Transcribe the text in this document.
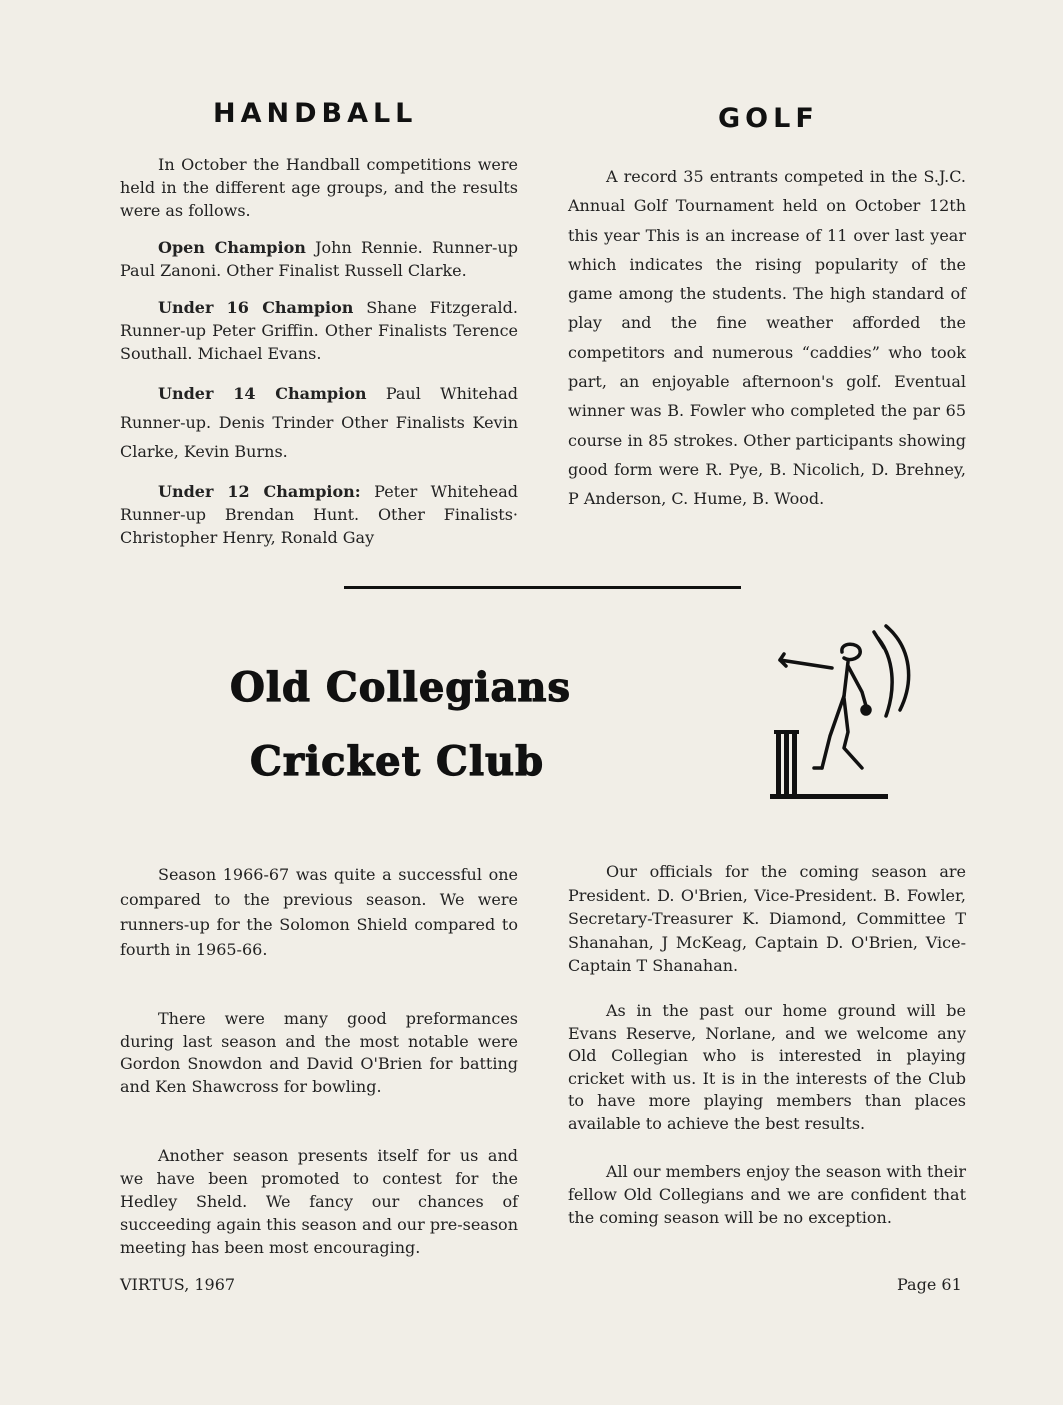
HANDBALL

In October the Handball competitions were held in the different age groups, and the results were as follows.

Open Champion John Rennie. Runner-up Paul Zanoni. Other Finalist Russell Clarke.

Under 16 Champion Shane Fitzgerald. Runner-up Peter Griffin. Other Finalists Terence Southall. Michael Evans.

Under 14 Champion Paul Whitehad Runner-up. Denis Trinder Other Finalists Kevin Clarke, Kevin Burns.

Under 12 Champion: Peter Whitehead Runner-up Brendan Hunt. Other Finalists· Christopher Henry, Ronald Gay

GOLF

A record 35 entrants competed in the S.J.C. Annual Golf Tournament held on October 12th this year This is an increase of 11 over last year which indicates the rising popularity of the game among the students. The high standard of play and the fine weather afforded the competitors and numerous “caddies” who took part, an enjoyable afternoon's golf. Eventual winner was B. Fowler who completed the par 65 course in 85 strokes. Other participants showing good form were R. Pye, B. Nicolich, D. Brehney, P Anderson, C. Hume, B. Wood.

Old Collegians
Cricket Club

Season 1966-67 was quite a successful one compared to the previous season. We were runners-up for the Solomon Shield compared to fourth in 1965-66.

There were many good preformances during last season and the most notable were Gordon Snowdon and David O'Brien for batting and Ken Shawcross for bowling.

Another season presents itself for us and we have been promoted to contest for the Hedley Sheld. We fancy our chances of succeeding again this season and our pre-season meeting has been most encouraging.

Our officials for the coming season are President. D. O'Brien, Vice-President. B. Fowler, Secretary-Treasurer K. Diamond, Committee T Shanahan, J McKeag, Captain D. O'Brien, Vice-Captain T Shanahan.

As in the past our home ground will be Evans Reserve, Norlane, and we welcome any Old Collegian who is interested in playing cricket with us. It is in the interests of the Club to have more playing members than places available to achieve the best results.

All our members enjoy the season with their fellow Old Collegians and we are confident that the coming season will be no exception.

VIRTUS, 1967	Page 61
